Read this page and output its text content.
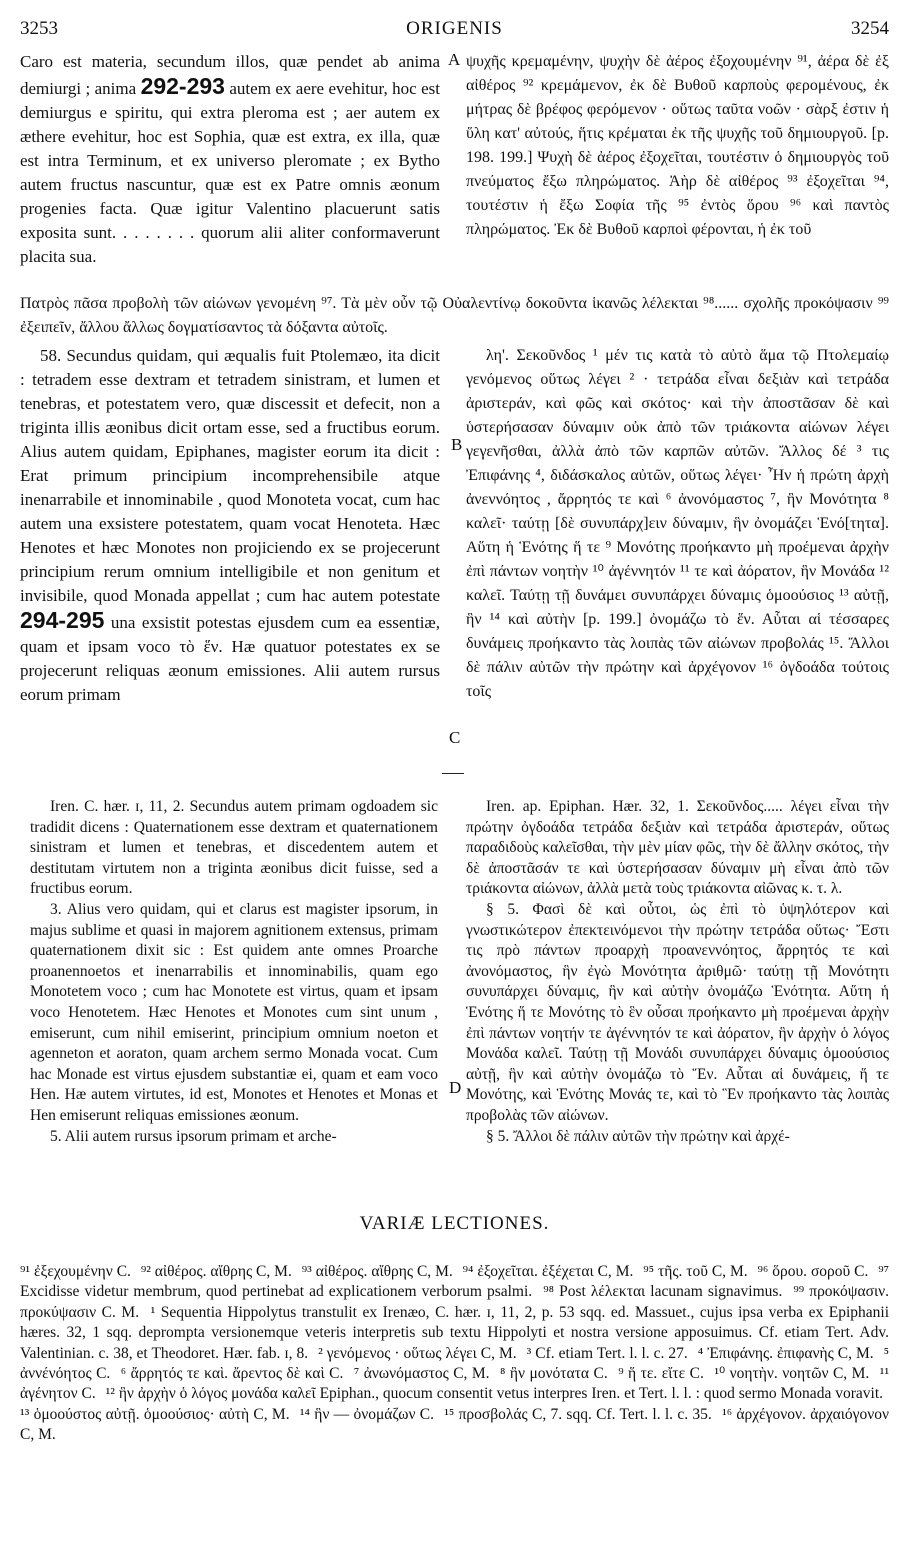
3253	ORIGENIS	3254

Caro est materia, secundum illos, quæ pendet ab anima demiurgi ; anima 292-293 autem ex aere evehitur, hoc est demiurgus e spiritu, qui extra pleroma est ; aer autem ex æthere evehitur, hoc est Sophia, quæ est extra, ex illa, quæ est intra Terminum, et ex universo pleromate ; ex Bytho autem fructus nascuntur, quæ est ex Patre omnis æonum progenies facta. Quæ igitur Valentino placuerunt satis exposita sunt. . . . . . . . quorum alii aliter conformaverunt placita sua.

ψυχῆς κρεμαμένην, ψυχὴν δὲ ἀέρος ἐξοχουμένην ⁹¹, ἀέρα δὲ ἐξ αἰθέρος ⁹² κρεμάμενον, ἐκ δὲ Βυθοῦ καρποὺς φερομένους, ἐκ μήτρας δὲ βρέφος φερόμενον · οὕτως ταῦτα νοῶν · σὰρξ ἐστιν ἡ ὕλη κατ' αὐτούς, ἥτις κρέμαται ἐκ τῆς ψυχῆς τοῦ δημιουργοῦ. [p. 198. 199.] Ψυχὴ δὲ ἀέρος ἐξοχεῖται, τουτέστιν ὁ δημιουργὸς τοῦ πνεύματος ἔξω πληρώματος. Ἀὴρ δὲ αἰθέρος ⁹³ ἐξοχεῖται ⁹⁴, τουτέστιν ἡ ἔξω Σοφία τῆς ⁹⁵ ἐντὸς ὅρου ⁹⁶ καὶ παντὸς πληρώματος. Ἐκ δὲ Βυθοῦ καρποὶ φέρονται, ἡ ἐκ τοῦ

Πατρὸς πᾶσα προβολὴ τῶν αἰώνων γενομένη ⁹⁷. Τὰ μὲν οὖν τῷ Οὐαλεντίνῳ δοκοῦντα ἱκανῶς λέλεκται ⁹⁸...... σχολῆς προκόψασιν ⁹⁹ ἐξειπεῖν, ἄλλου ἄλλως δογματίσαντος τὰ δόξαντα αὐτοῖς.

58. Secundus quidam, qui æqualis fuit Ptolemæo, ita dicit : tetradem esse dextram et tetradem sinistram, et lumen et tenebras, et potestatem vero, quæ discessit et defecit, non a triginta illis æonibus dicit ortam esse, sed a fructibus eorum. Alius autem quidam, Epiphanes, magister eorum ita dicit : Erat primum principium incomprehensibile atque inenarrabile et innominabile , quod Monoteta vocat, cum hac autem una exsistere potestatem, quam vocat Henoteta. Hæc Henotes et hæc Monotes non projiciendo ex se projecerunt principium rerum omnium intelligibile et non genitum et invisibile, quod Monada appellat ; cum hac autem potestate 294-295 una exsistit potestas ejusdem cum ea essentiæ, quam et ipsam voco τὸ ἕν. Hæ quatuor potestates ex se projecerunt reliquas æonum emissiones. Alii autem rursus eorum primam

λη'. Σεκοῦνδος ¹ μέν τις κατὰ τὸ αὐτὸ ἅμα τῷ Πτολεμαίῳ γενόμενος οὕτως λέγει ² · τετράδα εἶναι δεξιὰν καὶ τετράδα ἀριστεράν, καὶ φῶς καὶ σκότος· καὶ τὴν ἀποστᾶσαν δὲ καὶ ὑστερήσασαν δύναμιν οὐκ ἀπὸ τῶν τριάκοντα αἰώνων λέγει γεγενῆσθαι, ἀλλὰ ἀπὸ τῶν καρπῶν αὐτῶν. Ἄλλος δέ ³ τις Ἐπιφάνης ⁴, διδάσκαλος αὐτῶν, οὕτως λέγει· Ἦν ἡ πρώτη ἀρχὴ ἀνεννόητος , ἄρρητός τε καὶ ⁶ ἀνονόμαστος ⁷, ἣν Μονότητα ⁸ καλεῖ· ταύτῃ [δὲ συνυπάρχ]ειν δύναμιν, ἣν ὀνομάζει Ἑνό[τητα]. Αὕτη ἡ Ἑνότης ἥ τε ⁹ Μονότης προήκαντο μὴ προέμεναι ἀρχὴν ἐπὶ πάντων νοητὴν ¹⁰ ἀγέννητόν ¹¹ τε καὶ ἀόρατον, ἣν Μονάδα ¹² καλεῖ. Ταύτῃ τῇ δυνάμει συνυπάρχει δύναμις ὁμοούσιος ¹³ αὐτῇ, ἣν ¹⁴ καὶ αὐτὴν [p. 199.] ὀνομάζω τὸ ἕν. Αὗται αἱ τέσσαρες δυνάμεις προήκαντο τὰς λοιπὰς τῶν αἰώνων προβολάς ¹⁵. Ἄλλοι δὲ πάλιν αὐτῶν τὴν πρώτην καὶ ἀρχέγονον ¹⁶ ὀγδοάδα τούτοις τοῖς

A
B
C
D

Iren. C. hær. ɪ, 11, 2. Secundus autem primam ogdoadem sic tradidit dicens : Quaternationem esse dextram et quaternationem sinistram et lumen et tenebras, et discedentem autem et destitutam virtutem non a triginta æonibus dicit fuisse, sed a fructibus eorum.

3. Alius vero quidam, qui et clarus est magister ipsorum, in majus sublime et quasi in majorem agnitionem extensus, primam quaternationem dixit sic : Est quidem ante omnes Proarche proanennoetos et inenarrabilis et innominabilis, quam ego Monotetem voco ; cum hac Monotete est virtus, quam et ipsam voco Henotetem. Hæc Henotes et Monotes cum sint unum , emiserunt, cum nihil emiserint, principium omnium noeton et agenneton et aoraton, quam archem sermo Monada vocat. Cum hac Monade est virtus ejusdem substantiæ ei, quam et eam voco Hen. Hæ autem virtutes, id est, Monotes et Henotes et Monas et Hen emiserunt reliquas emissiones æonum.

5. Alii autem rursus ipsorum primam et arche-

Iren. ap. Epiphan. Hær. 32, 1. Σεκοῦνδος..... λέγει εἶναι τὴν πρώτην ὀγδοάδα τετράδα δεξιὰν καὶ τετράδα ἀριστεράν, οὕτως παραδιδοὺς καλεῖσθαι, τὴν μὲν μίαν φῶς, τὴν δὲ ἄλλην σκότος, τὴν δὲ ἀποστᾶσάν τε καὶ ὑστερήσασαν δύναμιν μὴ εἶναι ἀπὸ τῶν τριάκοντα αἰώνων, ἀλλὰ μετὰ τοὺς τριάκοντα αἰῶνας κ. τ. λ.

§ 5. Φασὶ δὲ καὶ οὗτοι, ὡς ἐπὶ τὸ ὑψηλότερον καὶ γνωστικώτερον ἐπεκτεινόμενοι τὴν πρώτην τετράδα οὕτως· Ἔστι τις πρὸ πάντων προαρχὴ προανεννόητος, ἄρρητός τε καὶ ἀνονόμαστος, ἣν ἐγὼ Μονότητα ἀριθμῶ· ταύτῃ τῇ Μονότητι συνυπάρχει δύναμις, ἣν καὶ αὐτὴν ὀνομάζω Ἑνότητα. Αὕτη ἡ Ἑνότης ἥ τε Μονότης τὸ ἓν οὖσαι προήκαντο μὴ προέμεναι ἀρχὴν ἐπὶ πάντων νοητήν τε ἀγέννητόν τε καὶ ἀόρατον, ἣν ἀρχὴν ὁ λόγος Μονάδα καλεῖ. Ταύτῃ τῇ Μονάδι συνυπάρχει δύναμις ὁμοούσιος αὐτῇ, ἣν καὶ αὐτὴν ὀνομάζω τὸ Ἕν. Αὗται αἱ δυνάμεις, ἥ τε Μονότης, καὶ Ἑνότης Μονάς τε, καὶ τὸ Ἓν προήκαντο τὰς λοιπὰς προβολὰς τῶν αἰώνων.

§ 5. Ἄλλοι δὲ πάλιν αὐτῶν τὴν πρώτην καὶ ἀρχέ-

VARIÆ LECTIONES.
⁹¹ ἐξεχουμένην C. ⁹² αἰθέρος. αἴθρης C, M. ⁹³ αἰθέρος. αἴθρης C, M. ⁹⁴ ἐξοχεῖται. ἐξέχεται C, M. ⁹⁵ τῆς. τοῦ C, M. ⁹⁶ ὅρου. σοροῦ C. ⁹⁷ Excidisse videtur membrum, quod pertinebat ad explicationem verborum psalmi. ⁹⁸ Post λέλεκται lacunam signavimus. ⁹⁹ προκόψασιν. προκύψασιν C. M. ¹ Sequentia Hippolytus transtulit ex Irenæo, C. hær. ɪ, 11, 2, p. 53 sqq. ed. Massuet., cujus ipsa verba ex Epiphanii hæres. 32, 1 sqq. deprompta versionemque veteris interpretis sub textu Hippolyti et nostra versione apposuimus. Cf. etiam Tert. Adv. Valentinian. c. 38, et Theodoret. Hær. fab. ɪ, 8. ² γενόμενος · οὕτως λέγει C, M. ³ Cf. etiam Tert. l. l. c. 27. ⁴ Ἐπιφάνης. ἐπιφανὴς C, M. ⁵ ἀννένόητος C. ⁶ ἄρρητός τε καὶ. ἄρεντος δὲ καὶ C. ⁷ ἀνωνόμαστος C, M. ⁸ ἣν μονότατα C. ⁹ ἥ τε. εἴτε C. ¹⁰ νοητὴν. νοητῶν C, M. ¹¹ ἀγένητον C. ¹² ἣν ἀρχὴν ὁ λόγος μονάδα καλεῖ Epiphan., quocum consentit vetus interpres Iren. et Tert. l. l. : quod sermo Monada voravit. ¹³ ὁμοούστος αὐτῇ. ὁμοούσιος· αὐτὴ C, M. ¹⁴ ἣν — ὀνομάζων C. ¹⁵ προσβολάς C, 7. sqq. Cf. Tert. l. l. c. 35. ¹⁶ ἀρχέγονον. ἀρχαιόγονον C, M.
